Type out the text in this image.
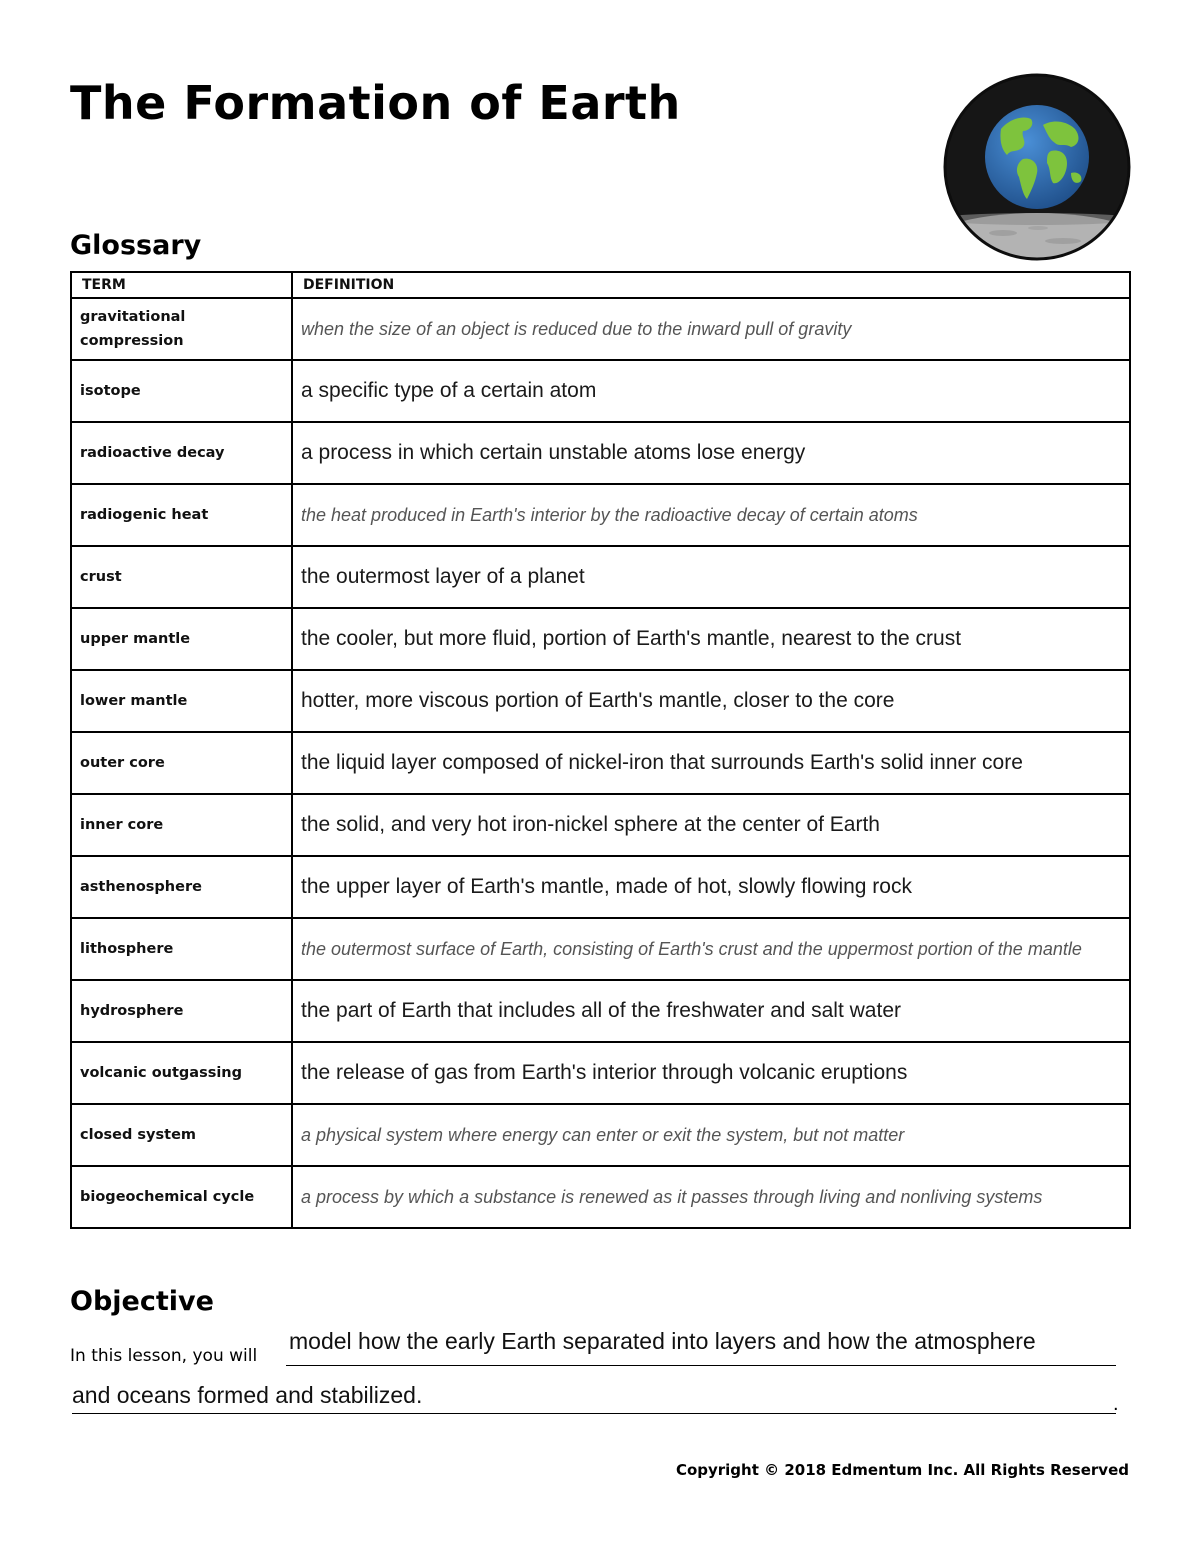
The Formation of Earth
Glossary
TERM	DEFINITION
gravitational compression	when the size of an object is reduced due to the inward pull of gravity
isotope	a specific type of a certain atom
radioactive decay	a process in which certain unstable atoms lose energy
radiogenic heat	the heat produced in Earth's interior by the radioactive decay of certain atoms
crust	the outermost layer of a planet
upper mantle	the cooler, but more fluid, portion of Earth's mantle, nearest to the crust
lower mantle	hotter, more viscous portion of Earth's mantle, closer to the core
outer core	the liquid layer composed of nickel-iron that surrounds Earth's solid inner core
inner core	the solid, and very hot iron-nickel sphere at the center of Earth
asthenosphere	the upper layer of Earth's mantle, made of hot, slowly flowing rock
lithosphere	the outermost surface of Earth, consisting of Earth's crust and the uppermost portion of the mantle
hydrosphere	the part of Earth that includes all of the freshwater and salt water
volcanic outgassing	the release of gas from Earth's interior through volcanic eruptions
closed system	a physical system where energy can enter or exit the system, but not matter
biogeochemical cycle	a process by which a substance is renewed as it passes through living and nonliving systems
Objective
In this lesson, you will
model how the early Earth separated into layers and how the atmosphere
and oceans formed and stabilized.	.
Copyright © 2018 Edmentum Inc. All Rights Reserved
